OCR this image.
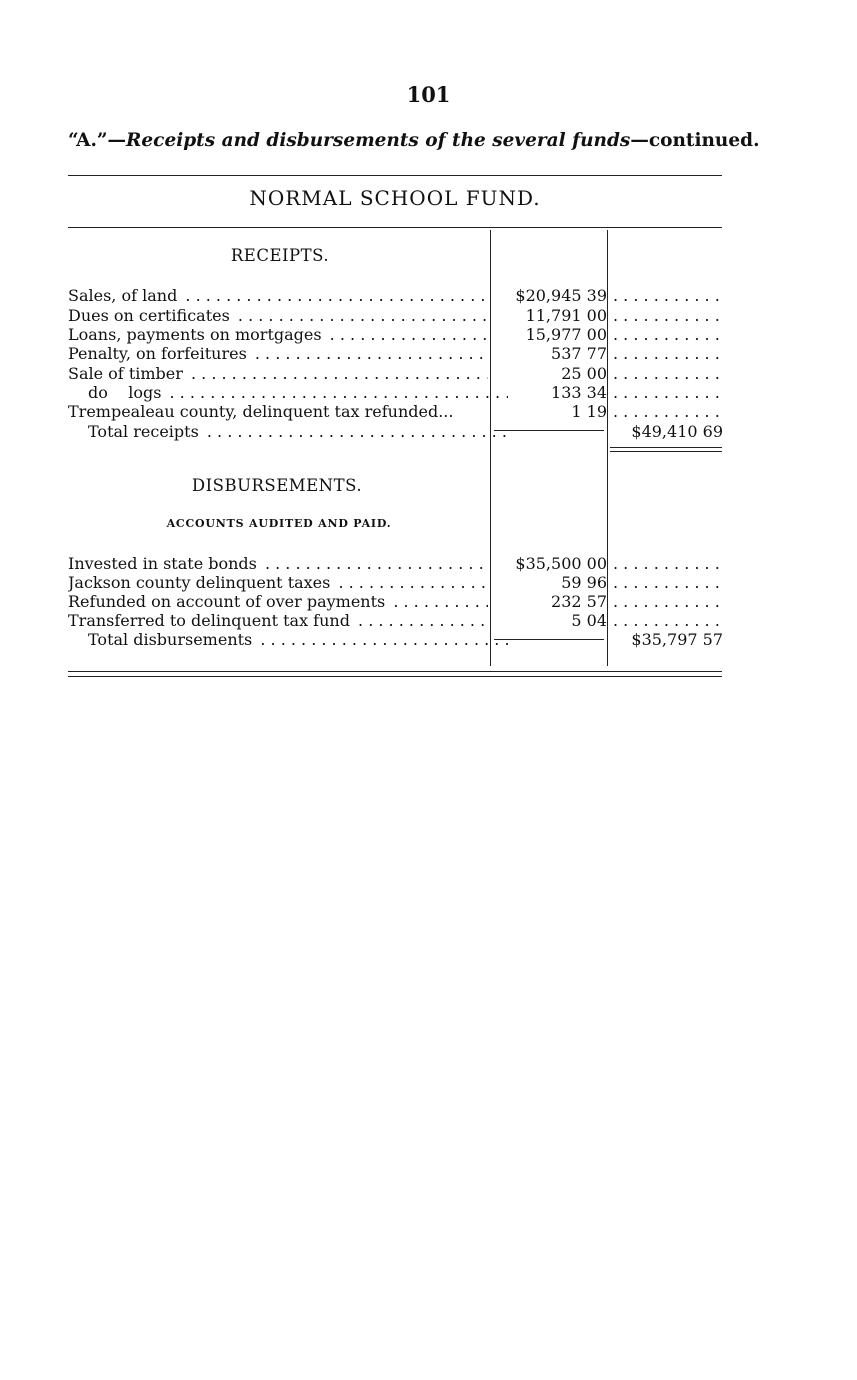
101
“A.”— Receipts and disbursements of the several funds —continued.
NORMAL SCHOOL FUND.
RECEIPTS.
Sales, of land . . .	$20,945 39
. . .
Dues on certificates . . .	11,791 00
. . .
Loans, payments on mortgages . . .	15,977 00
. . .
Penalty, on forfeitures . . .	537 77
. . .
Sale of timber . . .	25 00
. . .
do    logs . . .	133 34
. . .
Trempealeau county, delinquent tax refunded...	1 19
. . .
Total receipts . . .	$49,410 69
DISBURSEMENTS.
ACCOUNTS AUDITED AND PAID.
Invested in state bonds . . .	$35,500 00
. . .
Jackson county delinquent taxes . . .	59 96
. . .
Refunded on account of over payments . . .	232 57
. . .
Transferred to delinquent tax fund . . .	5 04
. . .
Total disbursements . . .	$35,797 57
